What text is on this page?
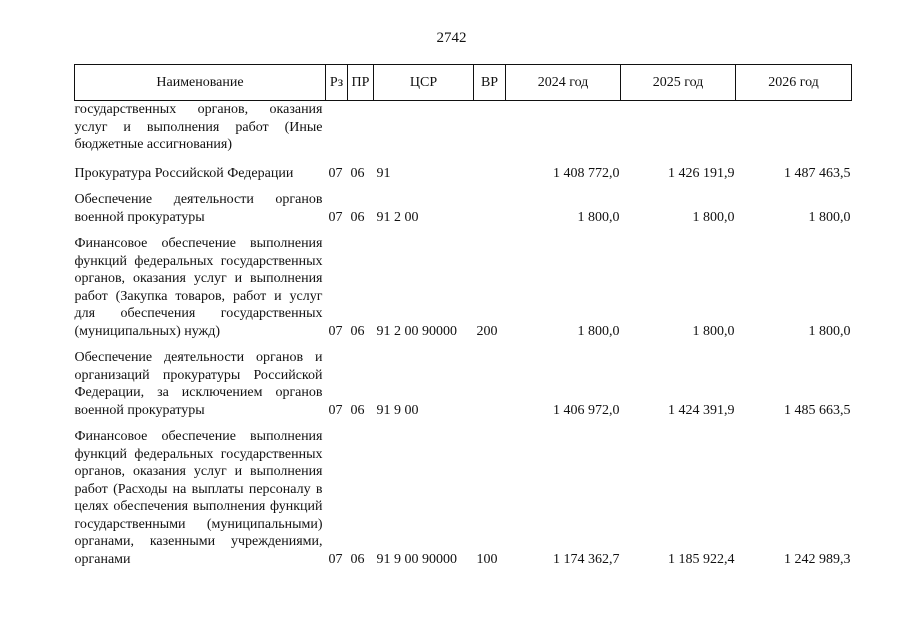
2742
Наименование	Рз	ПР	ЦСР	ВР	2024 год	2025 год	2026 год
государственных органов, оказания услуг и выполнения работ (Иные бюджетные ассигнования)							
Прокуратура Российской Федерации	07	06	91		1 408 772,0	1 426 191,9	1 487 463,5
Обеспечение деятельности органов военной прокуратуры	07	06	91 2 00		1 800,0	1 800,0	1 800,0
Финансовое обеспечение выполнения функций федеральных государственных органов, оказания услуг и выполнения работ (Закупка товаров, работ и услуг для обеспечения государственных (муниципальных) нужд)	07	06	91 2 00 90000	200	1 800,0	1 800,0	1 800,0
Обеспечение деятельности органов и организаций прокуратуры Российской Федерации, за исключением органов военной прокуратуры	07	06	91 9 00		1 406 972,0	1 424 391,9	1 485 663,5
Финансовое обеспечение выполнения функций федеральных государственных органов, оказания услуг и выполнения работ (Расходы на выплаты персоналу в целях обеспечения выполнения функций государственными (муниципальными) органами, казенными учреждениями, органами	07	06	91 9 00 90000	100	1 174 362,7	1 185 922,4	1 242 989,3
